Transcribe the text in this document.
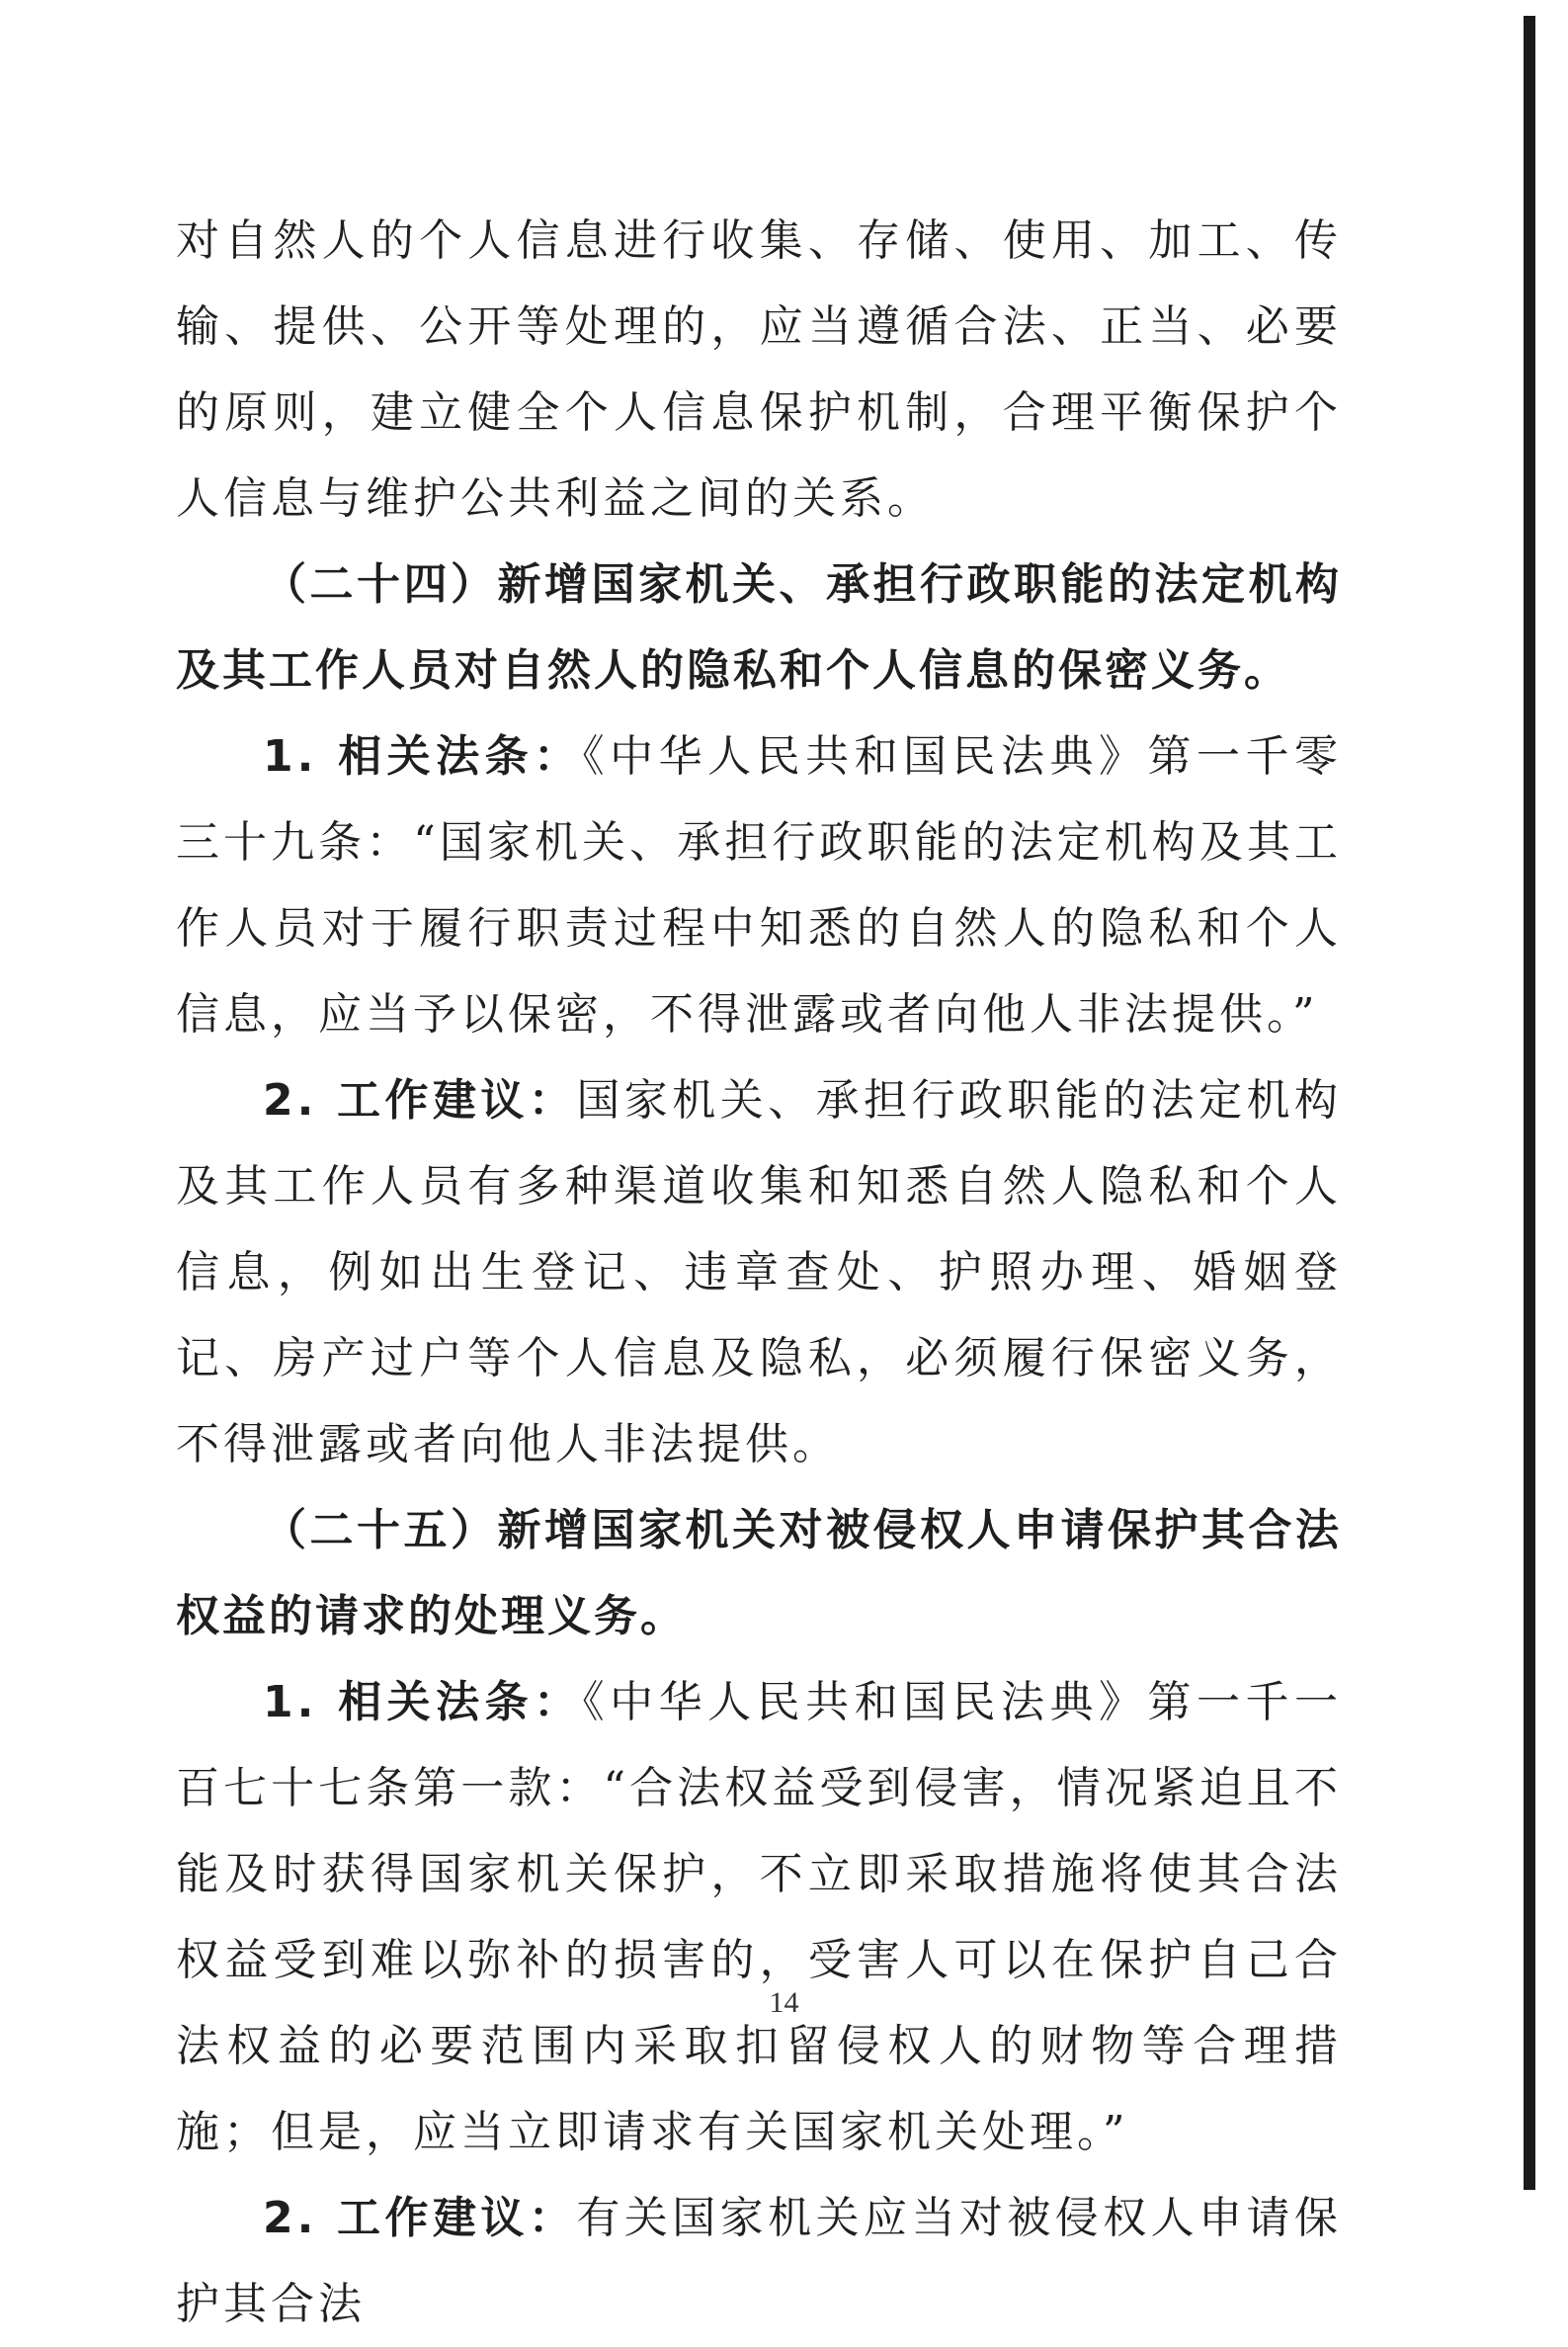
对自然人的个人信息进行收集、存储、使用、加工、传输、提供、公开等处理的，应当遵循合法、正当、必要的原则，建立健全个人信息保护机制，合理平衡保护个人信息与维护公共利益之间的关系。

（二十四）新增国家机关、承担行政职能的法定机构及其工作人员对自然人的隐私和个人信息的保密义务。

1. 相关法条：《中华人民共和国民法典》第一千零三十九条：“国家机关、承担行政职能的法定机构及其工作人员对于履行职责过程中知悉的自然人的隐私和个人信息，应当予以保密，不得泄露或者向他人非法提供。”

2. 工作建议：国家机关、承担行政职能的法定机构及其工作人员有多种渠道收集和知悉自然人隐私和个人信息，例如出生登记、违章查处、护照办理、婚姻登记、房产过户等个人信息及隐私，必须履行保密义务，不得泄露或者向他人非法提供。

（二十五）新增国家机关对被侵权人申请保护其合法权益的请求的处理义务。

1. 相关法条：《中华人民共和国民法典》第一千一百七十七条第一款：“合法权益受到侵害，情况紧迫且不能及时获得国家机关保护，不立即采取措施将使其合法权益受到难以弥补的损害的，受害人可以在保护自己合法权益的必要范围内采取扣留侵权人的财物等合理措施；但是，应当立即请求有关国家机关处理。”

2. 工作建议：有关国家机关应当对被侵权人申请保护其合法

14
